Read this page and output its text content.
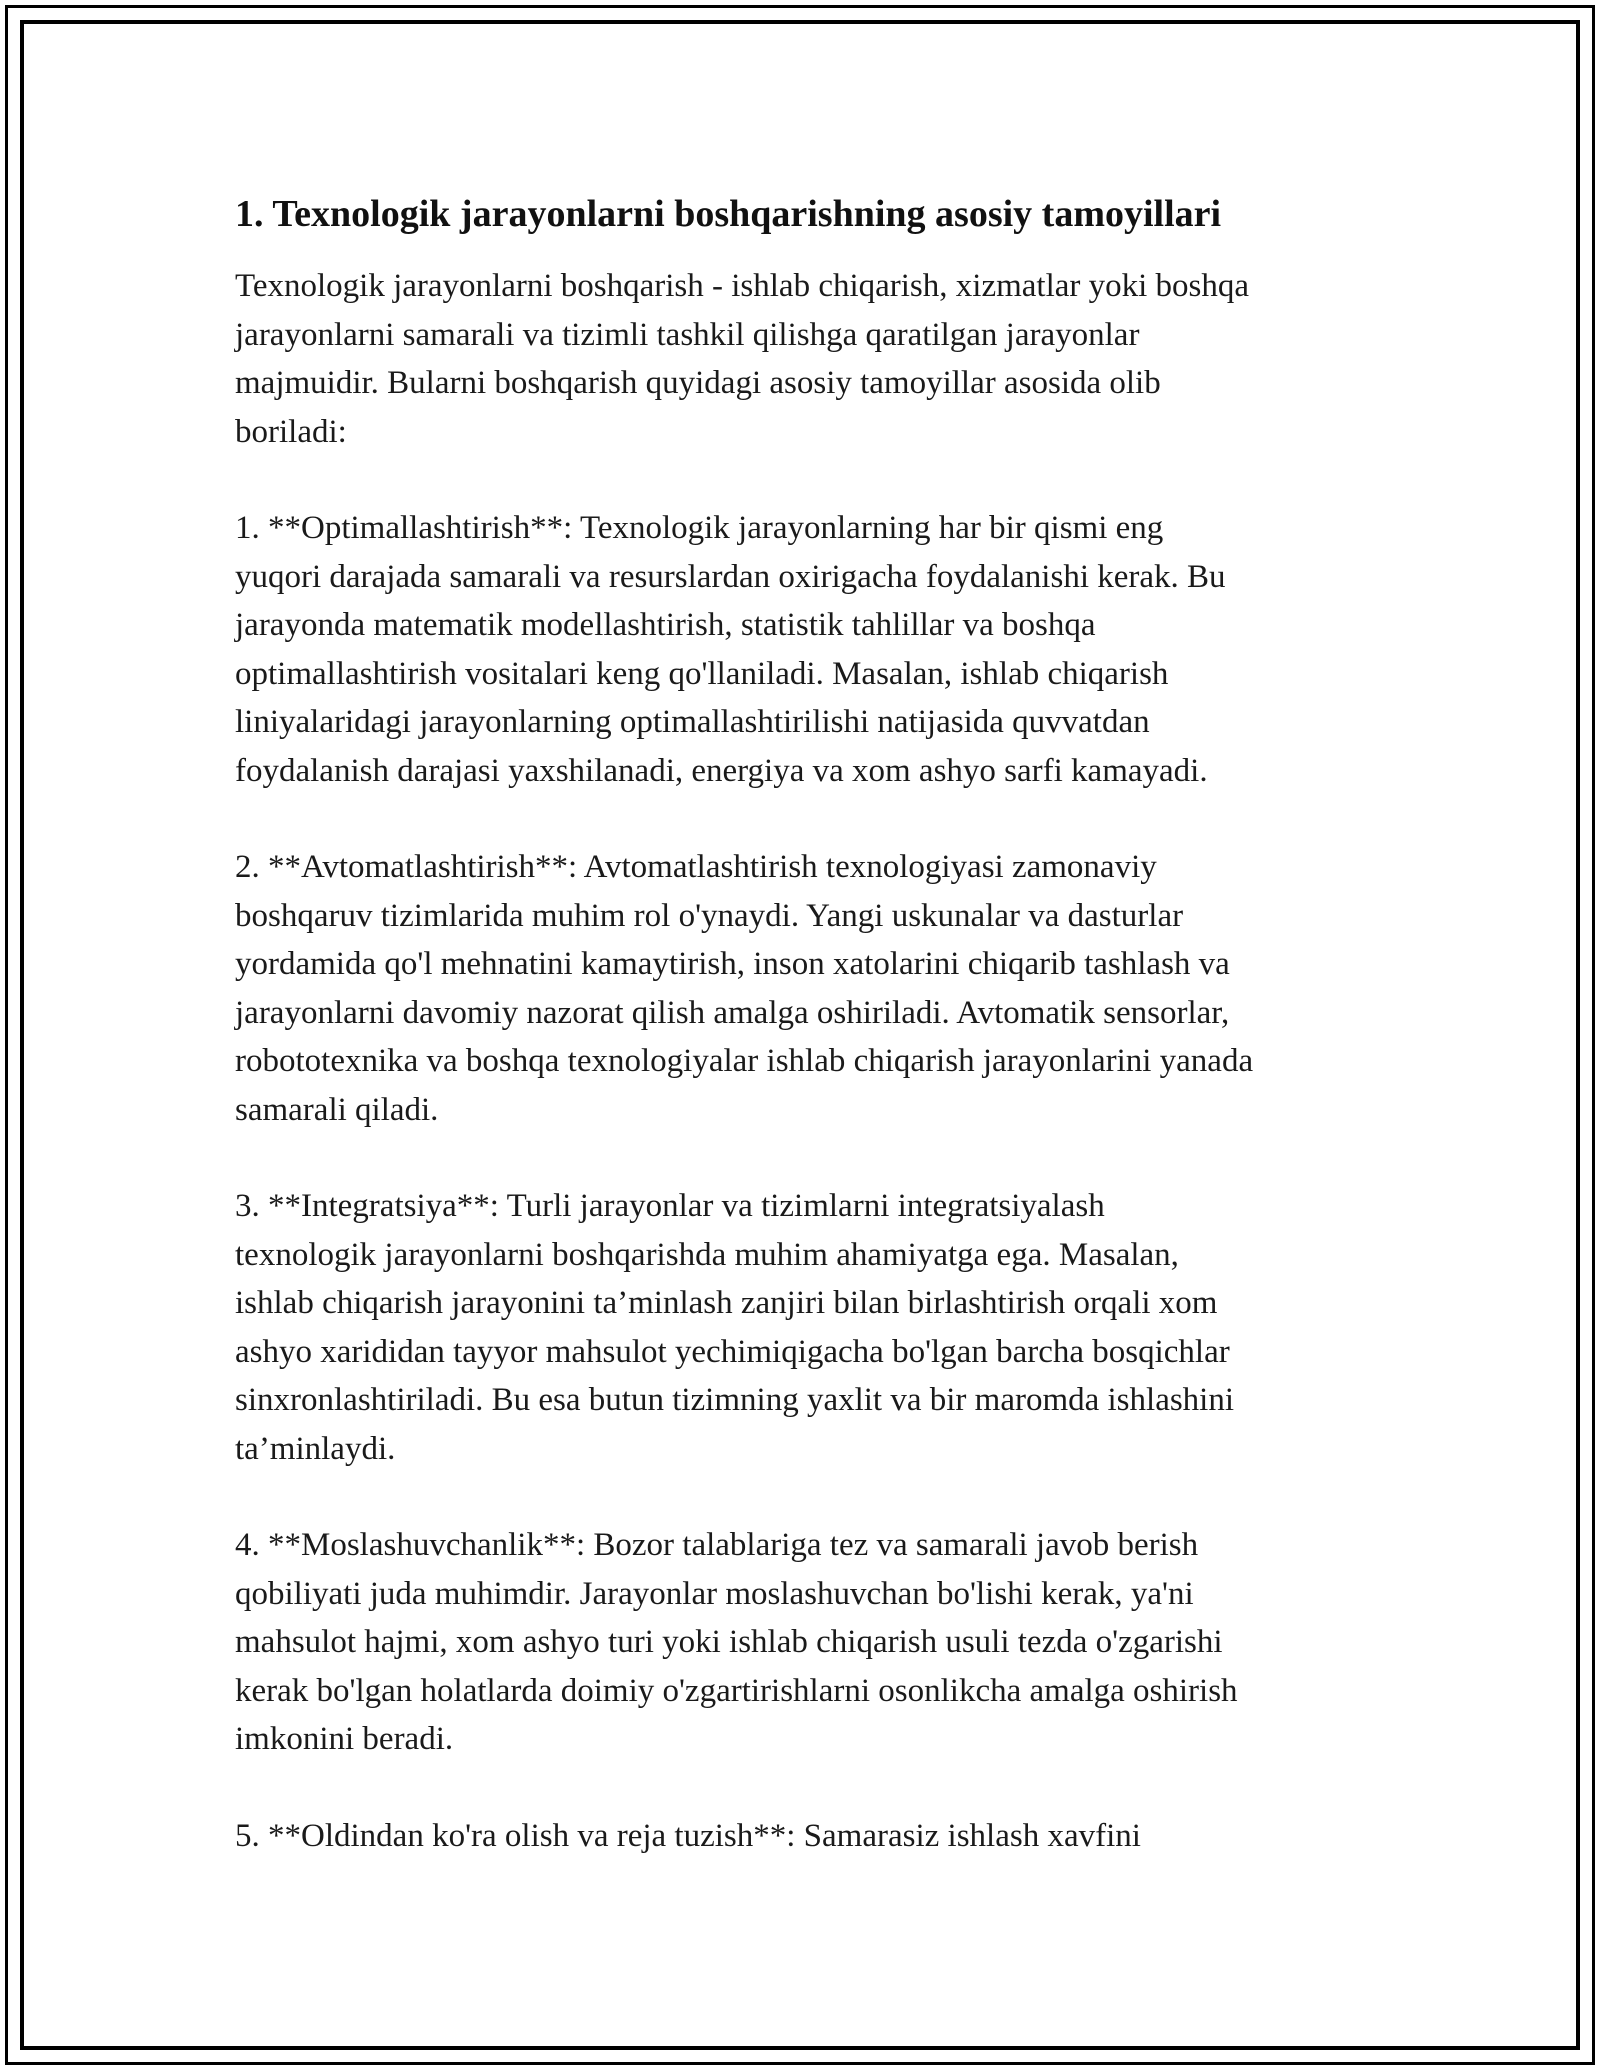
1. Texnologik jarayonlarni boshqarishning asosiy tamoyillari
Texnologik jarayonlarni boshqarish - ishlab chiqarish, xizmatlar yoki boshqa
jarayonlarni samarali va tizimli tashkil qilishga qaratilgan jarayonlar
majmuidir. Bularni boshqarish quyidagi asosiy tamoyillar asosida olib
boriladi:
1. **Optimallashtirish**: Texnologik jarayonlarning har bir qismi eng
yuqori darajada samarali va resurslardan oxirigacha foydalanishi kerak. Bu
jarayonda matematik modellashtirish, statistik tahlillar va boshqa
optimallashtirish vositalari keng qo'llaniladi. Masalan, ishlab chiqarish
liniyalaridagi jarayonlarning optimallashtirilishi natijasida quvvatdan
foydalanish darajasi yaxshilanadi, energiya va xom ashyo sarfi kamayadi.
2. **Avtomatlashtirish**: Avtomatlashtirish texnologiyasi zamonaviy
boshqaruv tizimlarida muhim rol o'ynaydi. Yangi uskunalar va dasturlar
yordamida qo'l mehnatini kamaytirish, inson xatolarini chiqarib tashlash va
jarayonlarni davomiy nazorat qilish amalga oshiriladi. Avtomatik sensorlar,
robototexnika va boshqa texnologiyalar ishlab chiqarish jarayonlarini yanada
samarali qiladi.
3. **Integratsiya**: Turli jarayonlar va tizimlarni integratsiyalash
texnologik jarayonlarni boshqarishda muhim ahamiyatga ega. Masalan,
ishlab chiqarish jarayonini ta’minlash zanjiri bilan birlashtirish orqali xom
ashyo xarididan tayyor mahsulot yechimiqigacha bo'lgan barcha bosqichlar
sinxronlashtiriladi. Bu esa butun tizimning yaxlit va bir maromda ishlashini
ta’minlaydi.
4. **Moslashuvchanlik**: Bozor talablariga tez va samarali javob berish
qobiliyati juda muhimdir. Jarayonlar moslashuvchan bo'lishi kerak, ya'ni
mahsulot hajmi, xom ashyo turi yoki ishlab chiqarish usuli tezda o'zgarishi
kerak bo'lgan holatlarda doimiy o'zgartirishlarni osonlikcha amalga oshirish
imkonini beradi.
5. **Oldindan ko'ra olish va reja tuzish**: Samarasiz ishlash xavfini
